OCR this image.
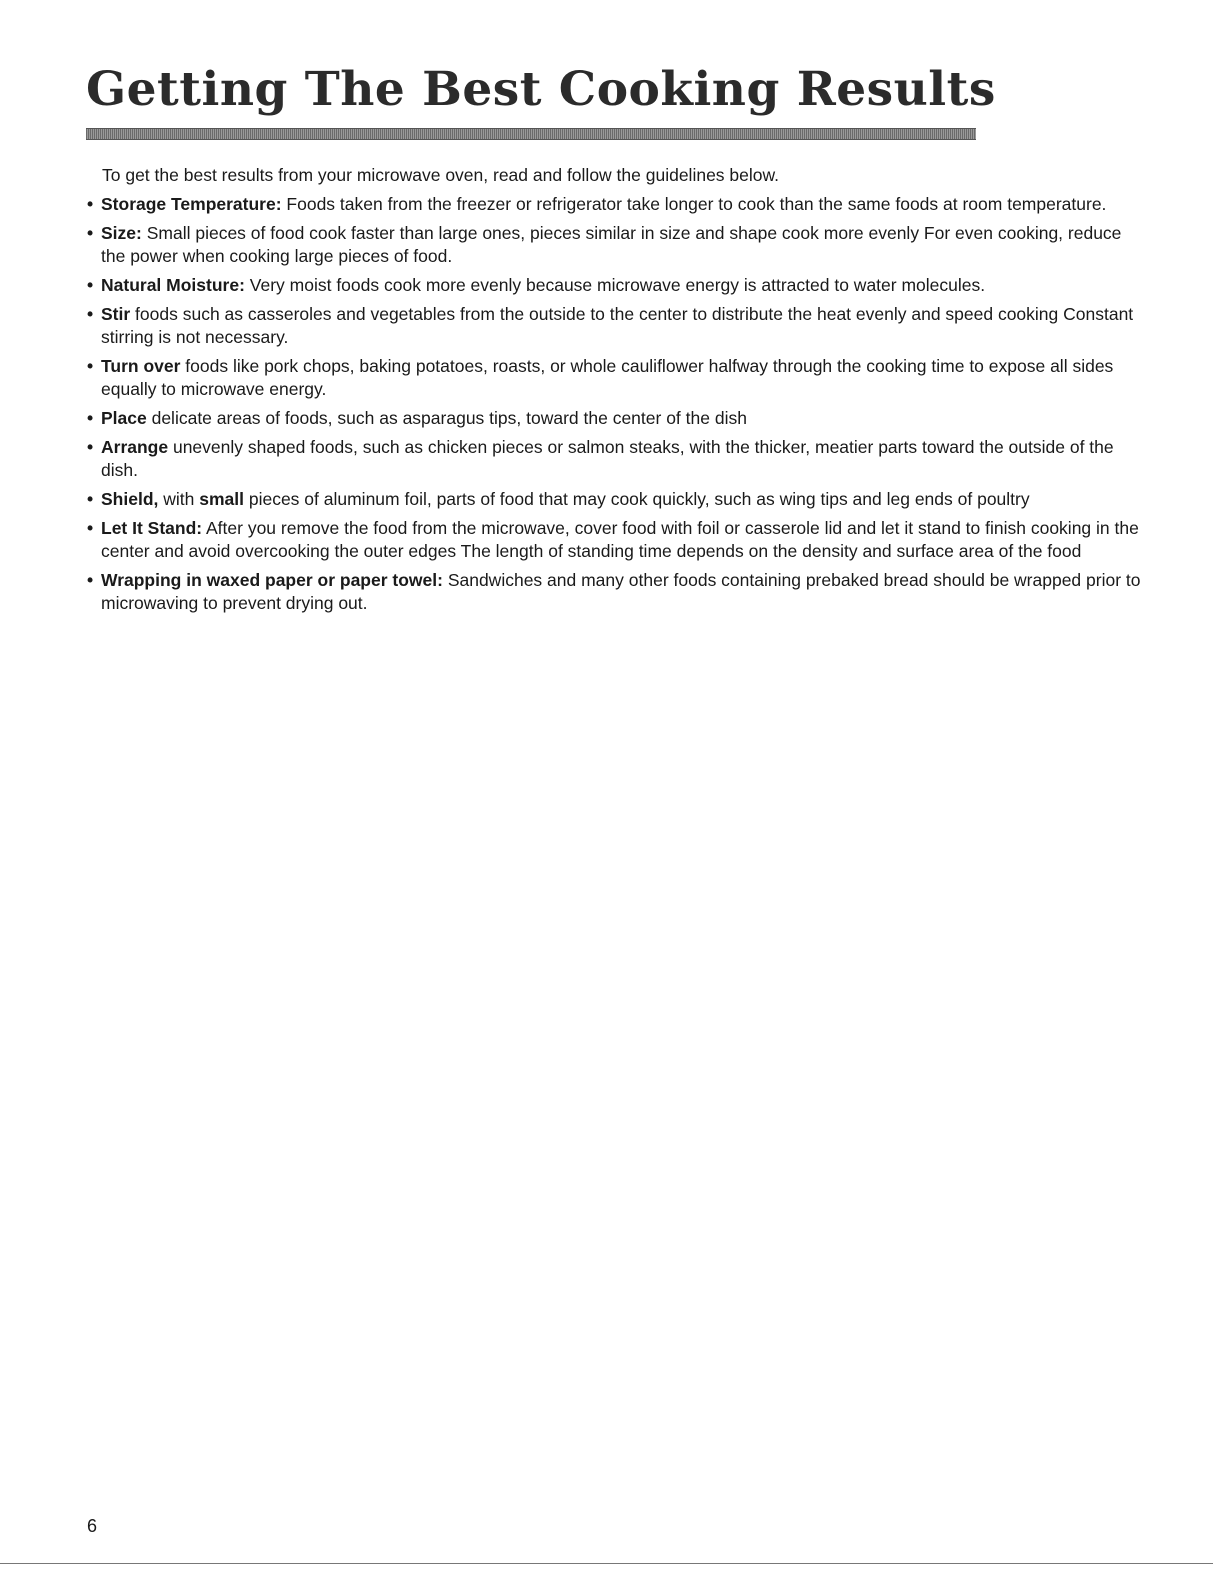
Getting The Best Cooking Results

To get the best results from your microwave oven, read and follow the guidelines below.

• Storage Temperature: Foods taken from the freezer or refrigerator take longer to cook than the same foods at room temperature.
• Size: Small pieces of food cook faster than large ones, pieces similar in size and shape cook more evenly For even cooking, reduce the power when cooking large pieces of food.
• Natural Moisture: Very moist foods cook more evenly because microwave energy is attracted to water molecules.
• Stir foods such as casseroles and vegetables from the outside to the center to distribute the heat evenly and speed cooking Constant stirring is not necessary.
• Turn over foods like pork chops, baking potatoes, roasts, or whole cauliflower halfway through the cooking time to expose all sides equally to microwave energy.
• Place delicate areas of foods, such as asparagus tips, toward the center of the dish
• Arrange unevenly shaped foods, such as chicken pieces or salmon steaks, with the thicker, meatier parts toward the outside of the dish.
• Shield, with small pieces of aluminum foil, parts of food that may cook quickly, such as wing tips and leg ends of poultry
• Let It Stand: After you remove the food from the microwave, cover food with foil or casserole lid and let it stand to finish cooking in the center and avoid overcooking the outer edges The length of standing time depends on the density and surface area of the food
• Wrapping in waxed paper or paper towel: Sandwiches and many other foods containing prebaked bread should be wrapped prior to microwaving to prevent drying out.
6
